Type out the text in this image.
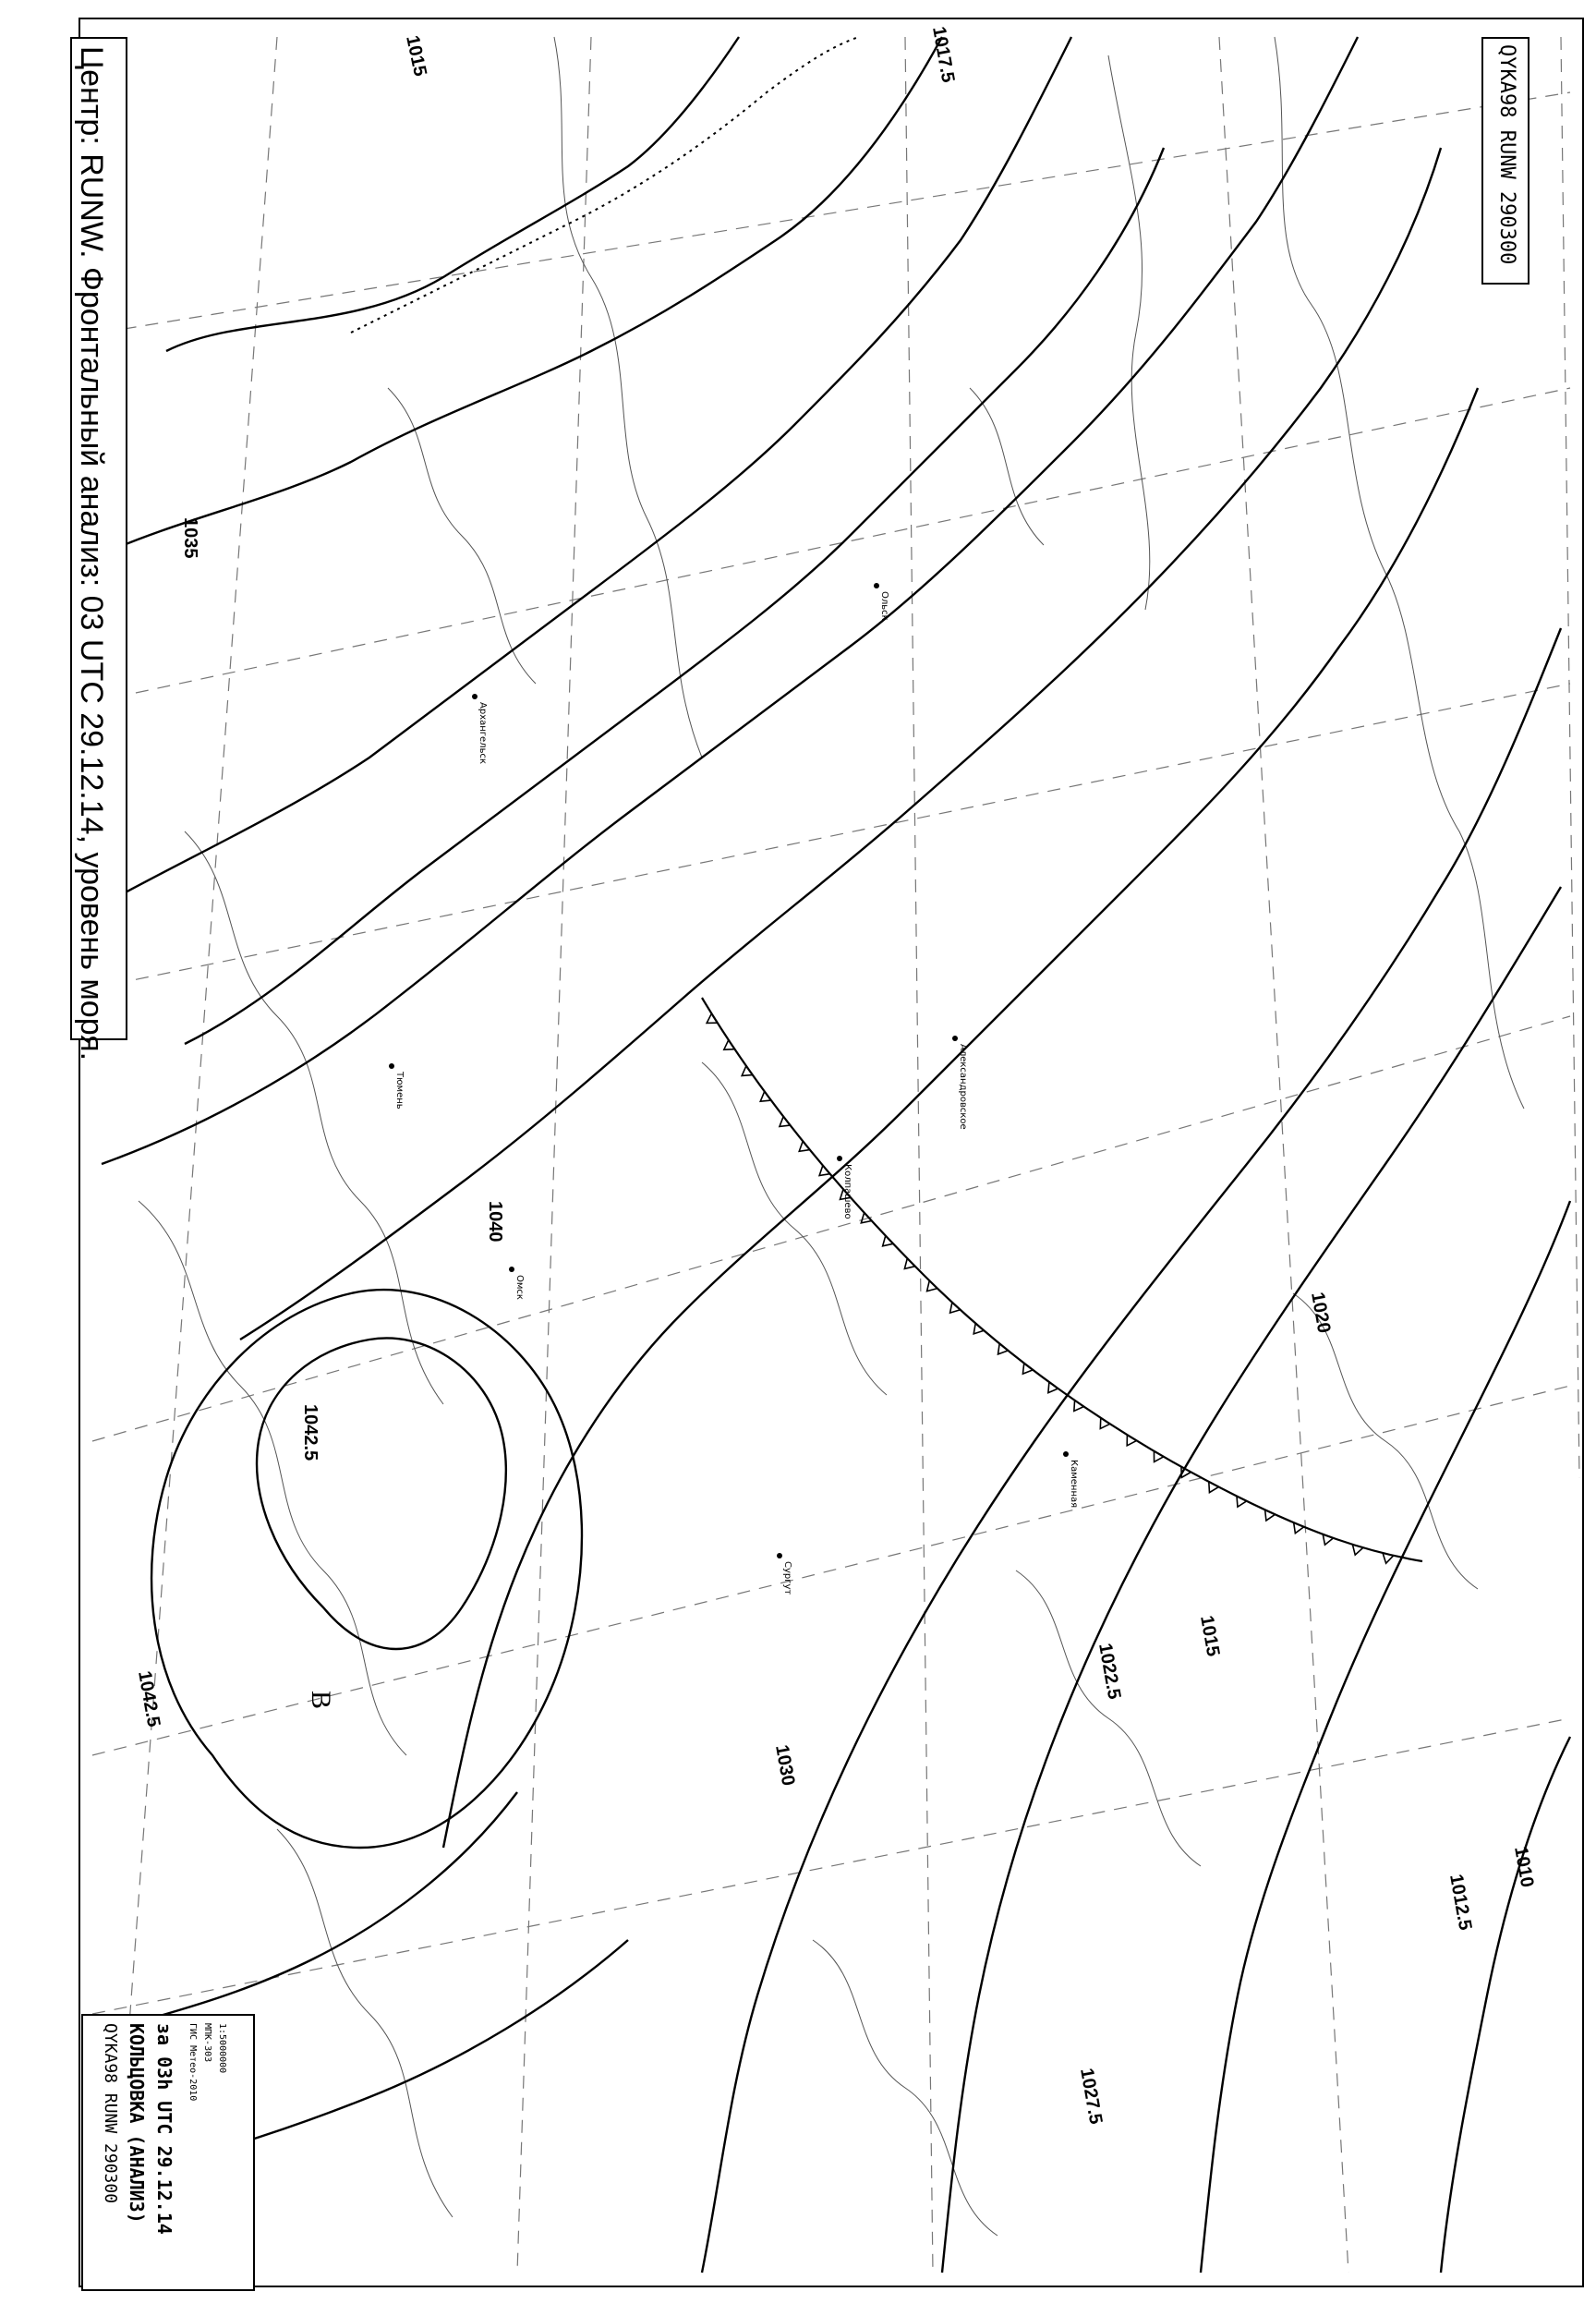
1015	1017.5
1035
1040
1042.5
1042.5
1020
1022.5
1015
1012.5
1030
1010
1027.5
Ольск
Александровское
Колпашево
Омск
Каменная
Архангельск
Сургут
Тюмень
В
Центр: RUNW. Фронтальный анализ: 03 UTC 29.12.14, уровень моря.	QYKA98 RUNW 290300
QYKA98 RUNW 290300 КОЛЬЦОВКА (АНАЛИЗ) за 03h UTC 29.12.14 ГИС Метео-2010 МПК-303 1:5000000
